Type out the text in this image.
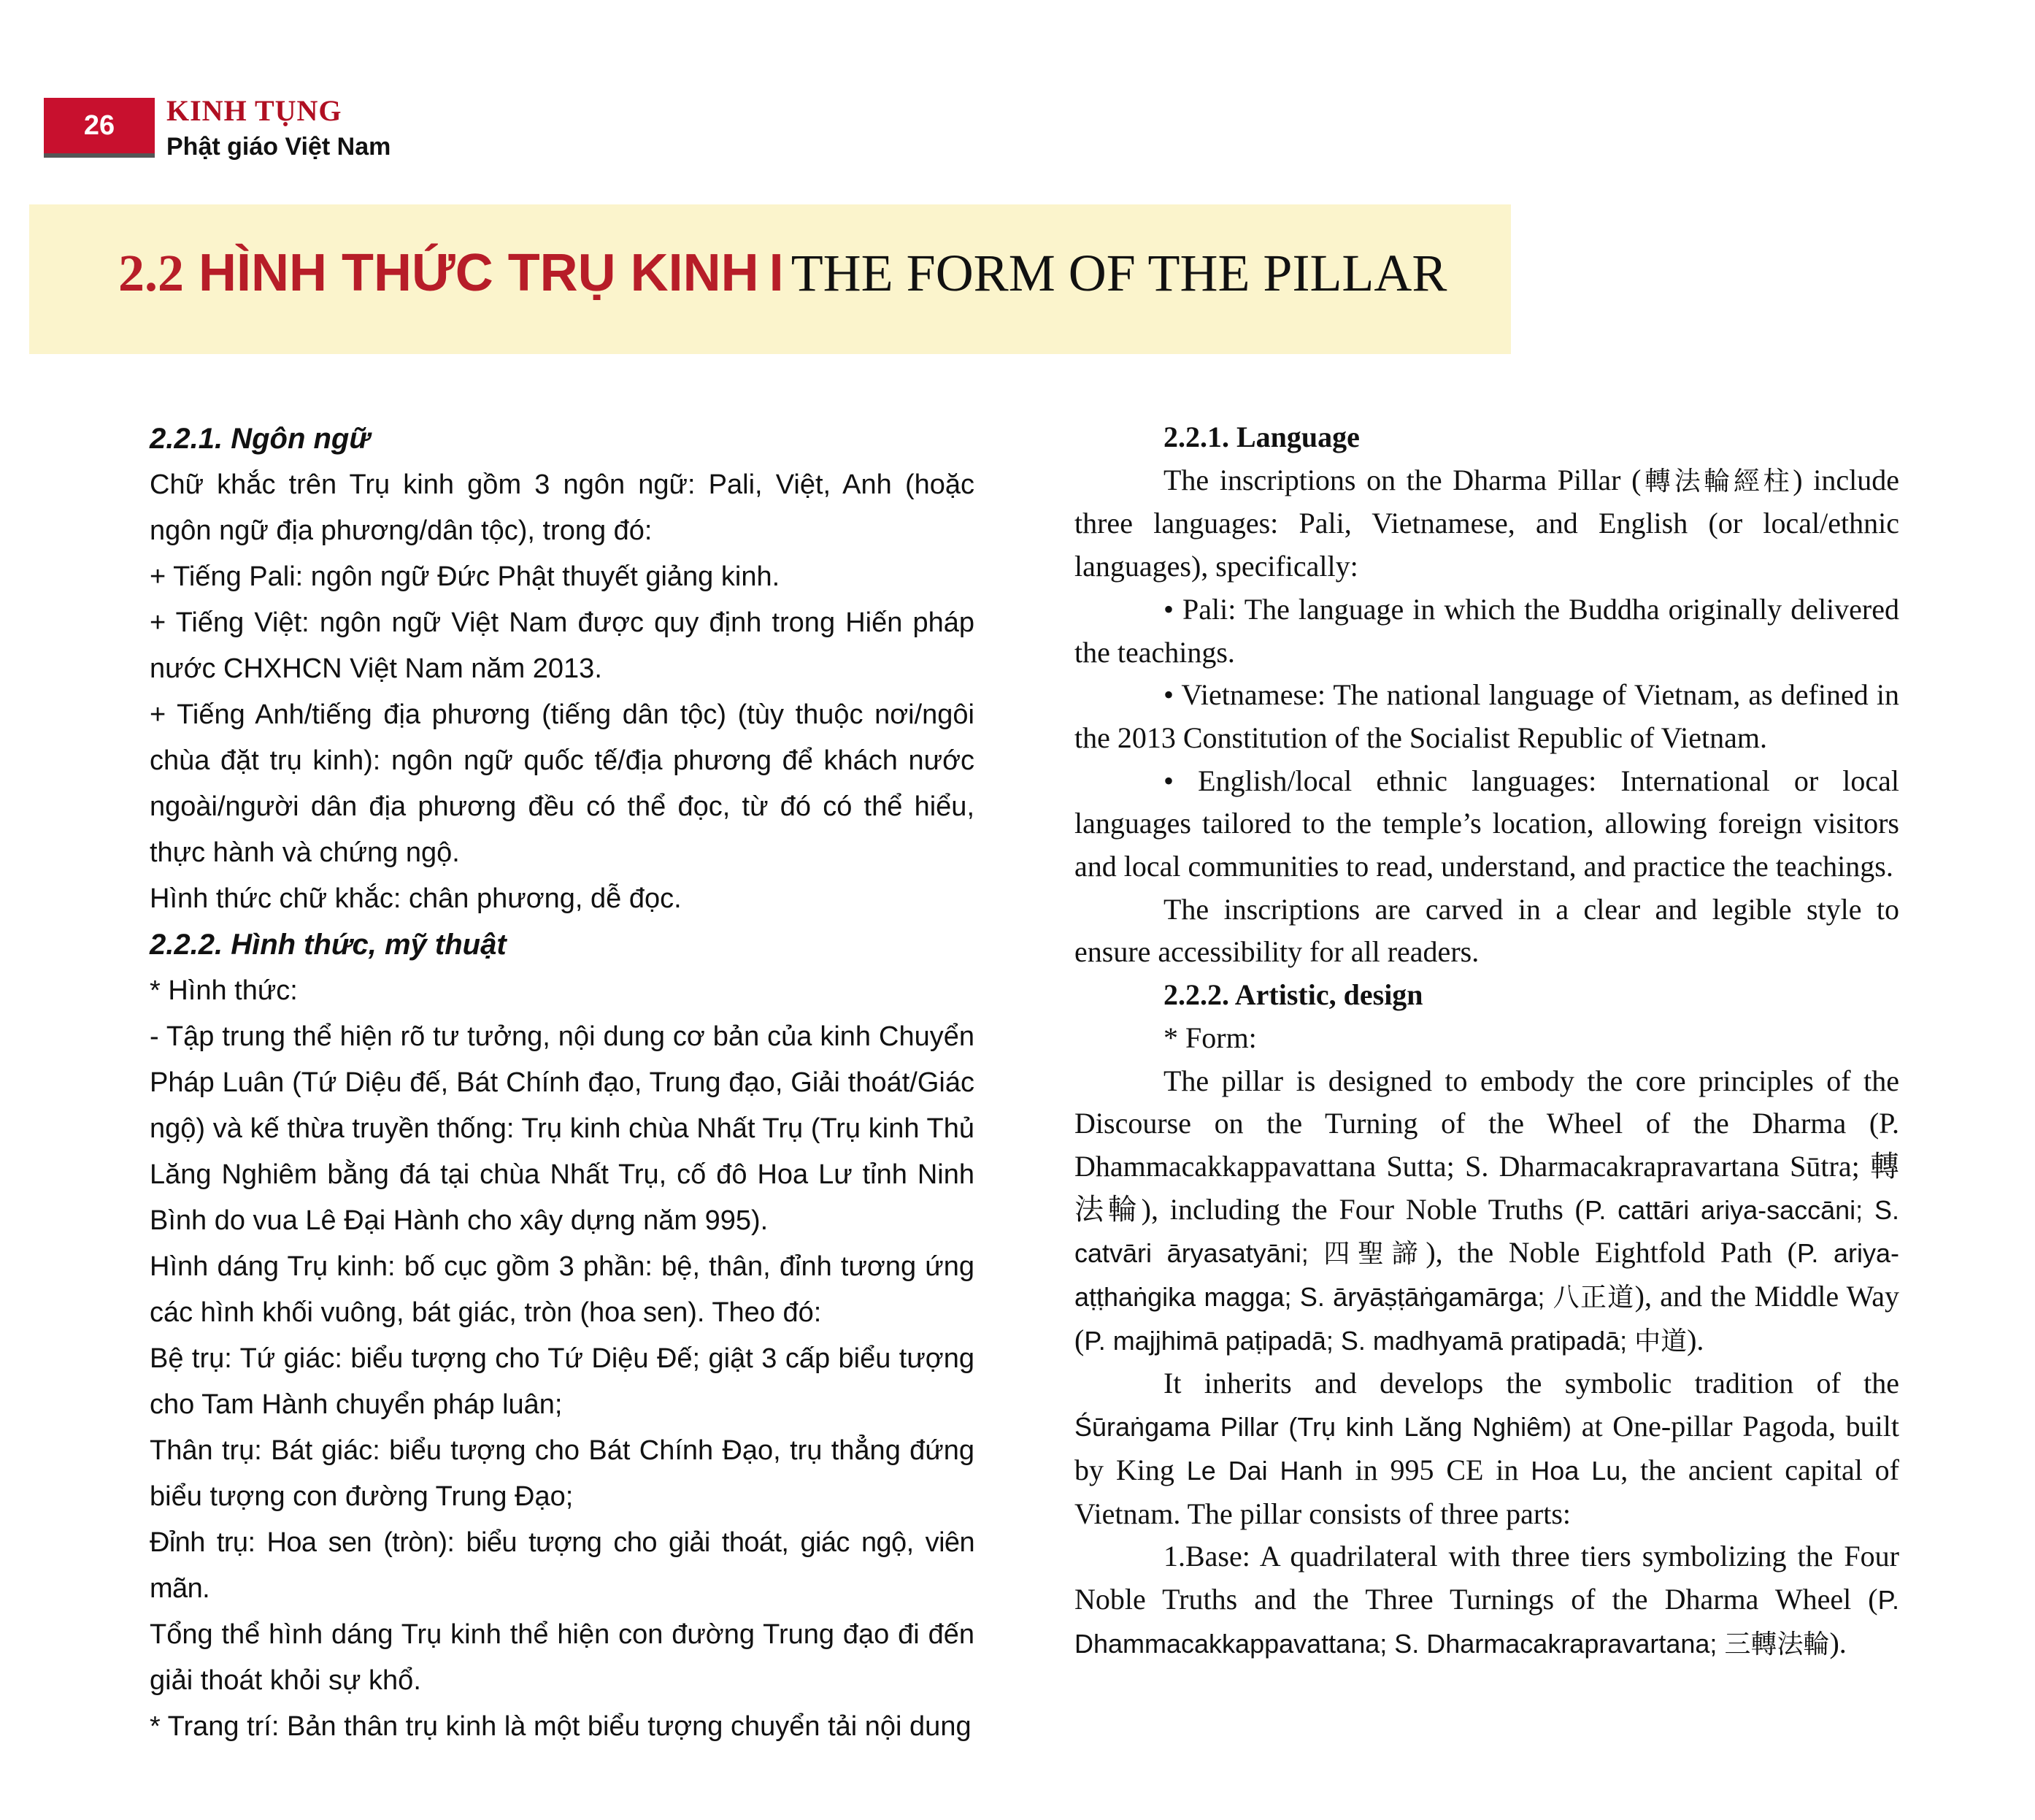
26	KINH TỤNG
Phật giáo Việt Nam
2.2 HÌNH THỨC TRỤ KINH I THE FORM OF THE PILLAR

2.2.1. Ngôn ngữ

Chữ khắc trên Trụ kinh gồm 3 ngôn ngữ: Pali, Việt, Anh (hoặc ngôn ngữ địa phương/dân tộc), trong đó:

+ Tiếng Pali: ngôn ngữ Đức Phật thuyết giảng kinh.

+ Tiếng Việt: ngôn ngữ Việt Nam được quy định trong Hiến pháp nước CHXHCN Việt Nam năm 2013.

+ Tiếng Anh/tiếng địa phương (tiếng dân tộc) (tùy thuộc nơi/ngôi chùa đặt trụ kinh): ngôn ngữ quốc tế/địa phương để khách nước ngoài/người dân địa phương đều có thể đọc, từ đó có thể hiểu, thực hành và chứng ngộ.

Hình thức chữ khắc: chân phương, dễ đọc.

2.2.2. Hình thức, mỹ thuật

* Hình thức:

- Tập trung thể hiện rõ tư tưởng, nội dung cơ bản của kinh Chuyển Pháp Luân (Tứ Diệu đế, Bát Chính đạo, Trung đạo, Giải thoát/Giác ngộ) và kế thừa truyền thống: Trụ kinh chùa Nhất Trụ (Trụ kinh Thủ Lăng Nghiêm bằng đá tại chùa Nhất Trụ, cố đô Hoa Lư tỉnh Ninh Bình do vua Lê Đại Hành cho xây dựng năm 995).

Hình dáng Trụ kinh: bố cục gồm 3 phần: bệ, thân, đỉnh tương ứng các hình khối vuông, bát giác, tròn (hoa sen). Theo đó:

Bệ trụ: Tứ giác: biểu tượng cho Tứ Diệu Đế; giật 3 cấp biểu tượng cho Tam Hành chuyển pháp luân;

Thân trụ: Bát giác: biểu tượng cho Bát Chính Đạo, trụ thẳng đứng biểu tượng con đường Trung Đạo;

Đỉnh trụ: Hoa sen (tròn): biểu tượng cho giải thoát, giác ngộ, viên mãn.

Tổng thể hình dáng Trụ kinh thể hiện con đường Trung đạo đi đến giải thoát khỏi sự khổ.

* Trang trí: Bản thân trụ kinh là một biểu tượng chuyển tải nội dung

2.2.1. Language

The inscriptions on the Dharma Pillar (轉法輪經柱) include three languages: Pali, Vietnamese, and English (or local/ethnic languages), specifically:

• Pali: The language in which the Buddha originally delivered the teachings.

• Vietnamese: The national language of Vietnam, as defined in the 2013 Constitution of the Socialist Republic of Vietnam.

• English/local ethnic languages: International or local languages tailored to the temple’s location, allowing foreign visitors and local communities to read, understand, and practice the teachings.

The inscriptions are carved in a clear and legible style to ensure accessibility for all readers.

2.2.2. Artistic, design

* Form:

The pillar is designed to embody the core principles of the Discourse on the Turning of the Wheel of the Dharma (P. Dhammacakkappavattana Sutta; S. Dharmacakrapravartana Sūtra; 轉法輪), including the Four Noble Truths (P. cattāri ariya-saccāni; S. catvāri āryasatyāni; 四聖諦), the Noble Eightfold Path (P. ariya-aṭṭhaṅgika magga; S. āryāṣṭāṅgamārga; 八正道), and the Middle Way (P. majjhimā paṭipadā; S. madhyamā pratipadā; 中道).

It inherits and develops the symbolic tradition of the Śūraṅgama Pillar (Trụ kinh Lăng Nghiêm) at One-pillar Pagoda, built by King Le Dai Hanh in 995 CE in Hoa Lu, the ancient capital of Vietnam. The pillar consists of three parts:

1.Base: A quadrilateral with three tiers symbolizing the Four Noble Truths and the Three Turnings of the Dharma Wheel (P. Dhammacakkappavattana; S. Dharmacakrapravartana; 三轉法輪).
